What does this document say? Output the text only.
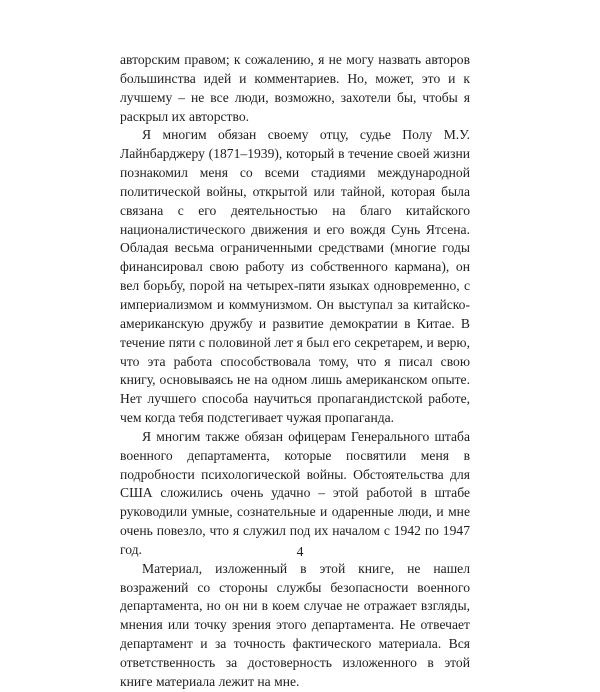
авторским правом; к сожалению, я не могу назвать авторов большинства идей и комментариев. Но, может, это и к лучшему – не все люди, возможно, захотели бы, чтобы я раскрыл их авторство.

Я многим обязан своему отцу, судье Полу М.У. Лайнбарджеру (1871–1939), который в течение своей жизни познакомил меня со всеми стадиями международной политической войны, открытой или тайной, которая была связана с его деятельностью на благо китайского националистического движения и его вождя Сунь Ятсена. Обладая весьма ограниченными средствами (многие годы финансировал свою работу из собственного кармана), он вел борьбу, порой на четырех-пяти языках одновременно, с империализмом и коммунизмом. Он выступал за китайско-американскую дружбу и развитие демократии в Китае. В течение пяти с половиной лет я был его секретарем, и верю, что эта работа способствовала тому, что я писал свою книгу, основываясь не на одном лишь американском опыте. Нет лучшего способа научиться пропагандистской работе, чем когда тебя подстегивает чужая пропаганда.

Я многим также обязан офицерам Генерального штаба военного департамента, которые посвятили меня в подробности психологической войны. Обстоятельства для США сложились очень удачно – этой работой в штабе руководили умные, сознательные и одаренные люди, и мне очень повезло, что я служил под их началом с 1942 по 1947 год.

Материал, изложенный в этой книге, не нашел возражений со стороны службы безопасности военного департамента, но он ни в коем случае не отражает взгляды, мнения или точку зрения этого департамента. Не отвечает департамент и за точность фактического материала. Вся ответственность за достоверность изложенного в этой книге материала лежит на мне.

4
